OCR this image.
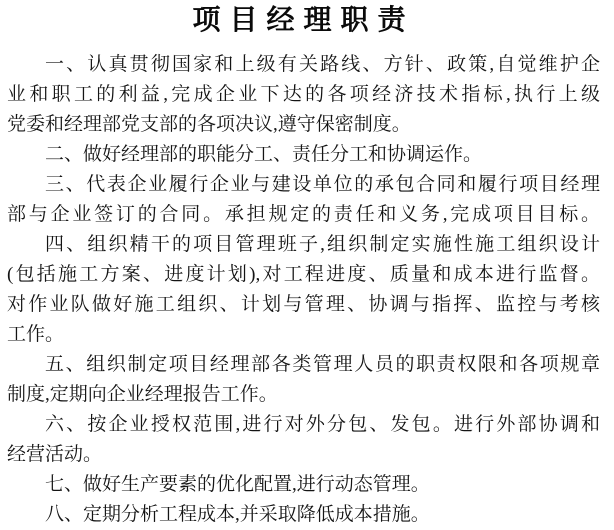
项目经理职责
一、认真贯彻国家和上级有关路线、方针、政策,自觉维护企
业和职工的利益,完成企业下达的各项经济技术指标,执行上级
党委和经理部党支部的各项决议,遵守保密制度。
二、做好经理部的职能分工、责任分工和协调运作。
三、代表企业履行企业与建设单位的承包合同和履行项目经理
部与企业签订的合同。承担规定的责任和义务,完成项目目标。
四、组织精干的项目管理班子,组织制定实施性施工组织设计
(包括施工方案、进度计划),对工程进度、质量和成本进行监督。
对作业队做好施工组织、计划与管理、协调与指挥、监控与考核
工作。
五、组织制定项目经理部各类管理人员的职责权限和各项规章
制度,定期向企业经理报告工作。
六、按企业授权范围,进行对外分包、发包。进行外部协调和
经营活动。
七、做好生产要素的优化配置,进行动态管理。
八、定期分析工程成本,并采取降低成本措施。
